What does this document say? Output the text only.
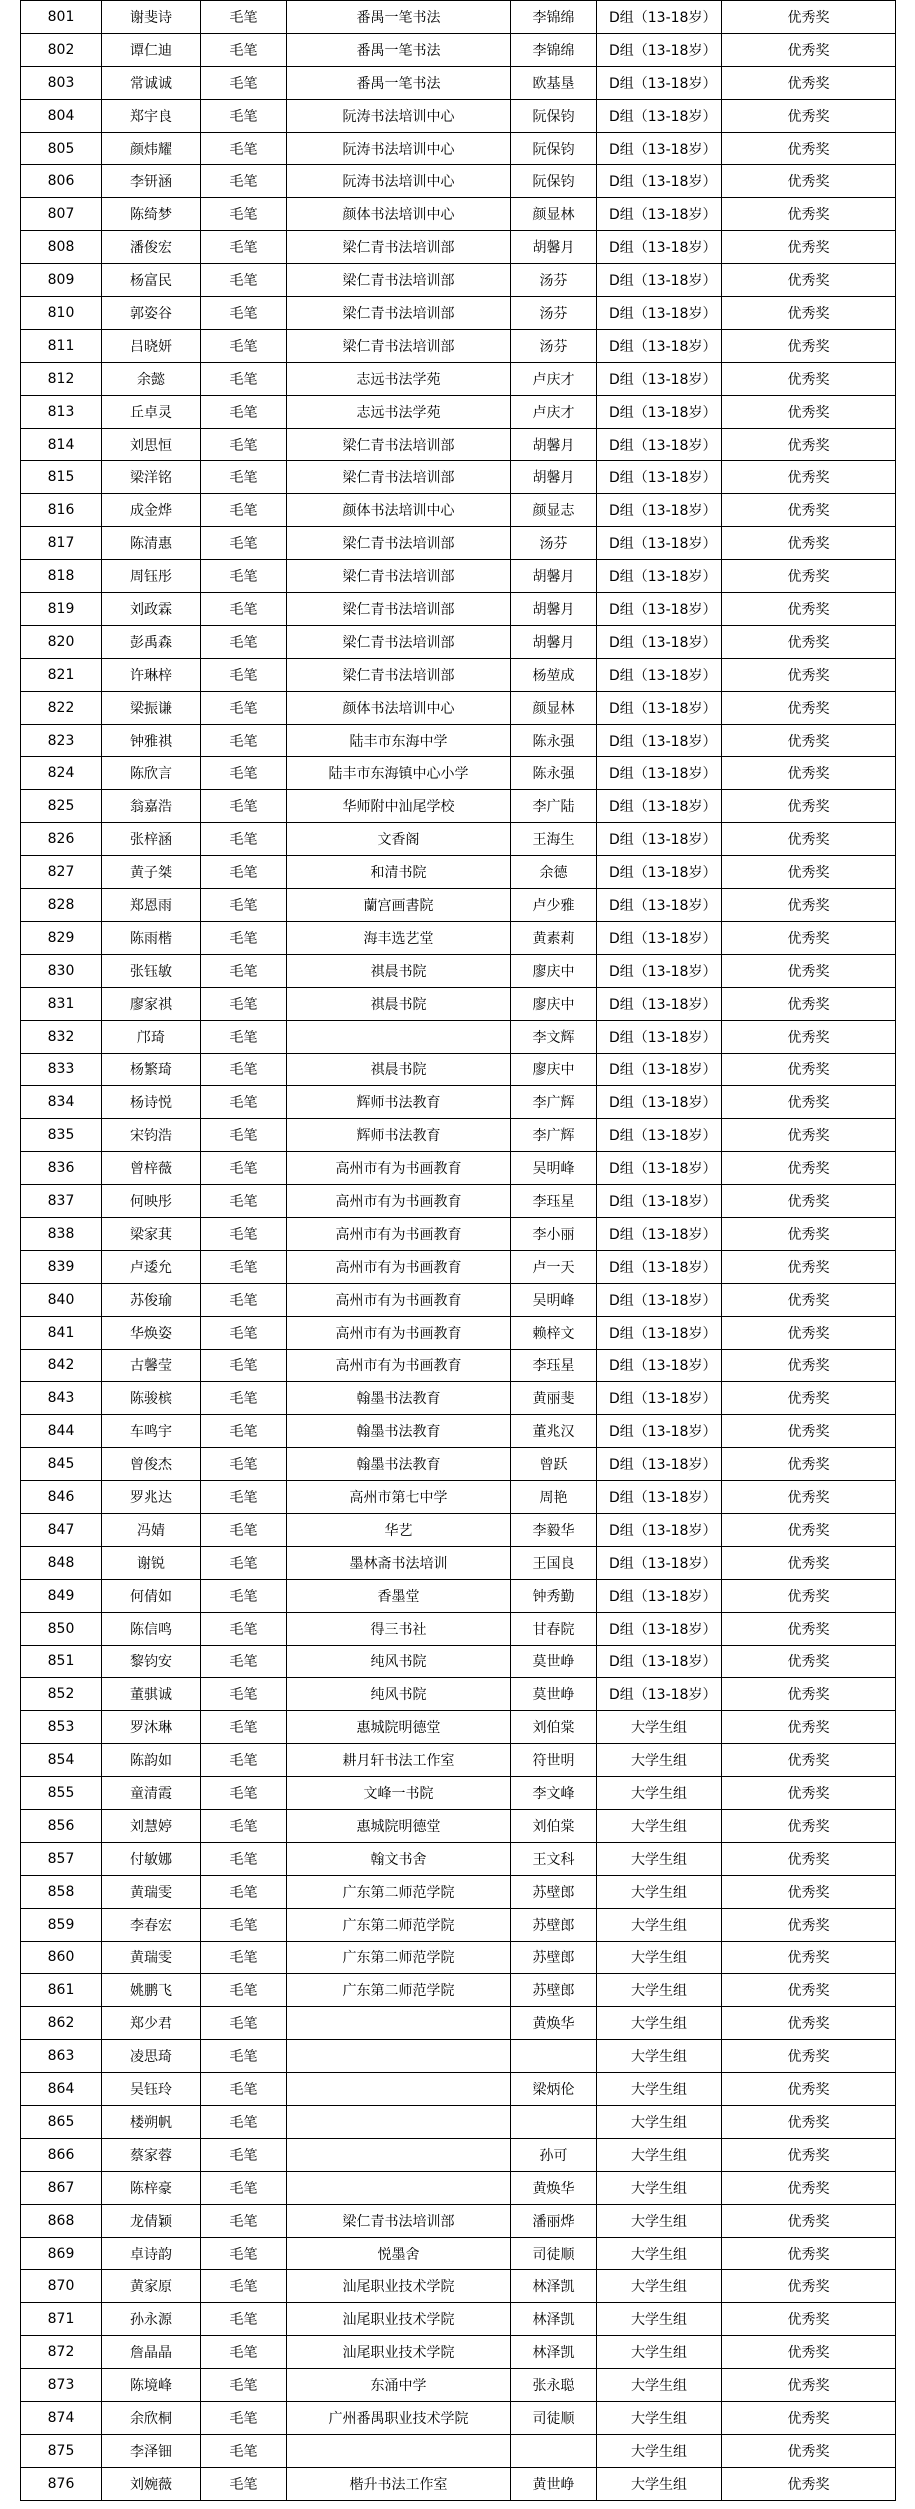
801	谢斐诗	毛笔	番禺一笔书法	李锦绵	D组（13-18岁）	优秀奖
802	谭仁迪	毛笔	番禺一笔书法	李锦绵	D组（13-18岁）	优秀奖
803	常诚诚	毛笔	番禺一笔书法	欧基垦	D组（13-18岁）	优秀奖
804	郑宇良	毛笔	阮涛书法培训中心	阮保钧	D组（13-18岁）	优秀奖
805	颜炜耀	毛笔	阮涛书法培训中心	阮保钧	D组（13-18岁）	优秀奖
806	李钘涵	毛笔	阮涛书法培训中心	阮保钧	D组（13-18岁）	优秀奖
807	陈绮梦	毛笔	颜体书法培训中心	颜显林	D组（13-18岁）	优秀奖
808	潘俊宏	毛笔	梁仁青书法培训部	胡馨月	D组（13-18岁）	优秀奖
809	杨富民	毛笔	梁仁青书法培训部	汤芬	D组（13-18岁）	优秀奖
810	郭姿谷	毛笔	梁仁青书法培训部	汤芬	D组（13-18岁）	优秀奖
811	吕晓妍	毛笔	梁仁青书法培训部	汤芬	D组（13-18岁）	优秀奖
812	余懿	毛笔	志远书法学苑	卢庆才	D组（13-18岁）	优秀奖
813	丘卓灵	毛笔	志远书法学苑	卢庆才	D组（13-18岁）	优秀奖
814	刘思恒	毛笔	梁仁青书法培训部	胡馨月	D组（13-18岁）	优秀奖
815	梁洋铭	毛笔	梁仁青书法培训部	胡馨月	D组（13-18岁）	优秀奖
816	成金烨	毛笔	颜体书法培训中心	颜显志	D组（13-18岁）	优秀奖
817	陈清惠	毛笔	梁仁青书法培训部	汤芬	D组（13-18岁）	优秀奖
818	周钰彤	毛笔	梁仁青书法培训部	胡馨月	D组（13-18岁）	优秀奖
819	刘政霖	毛笔	梁仁青书法培训部	胡馨月	D组（13-18岁）	优秀奖
820	彭禹森	毛笔	梁仁青书法培训部	胡馨月	D组（13-18岁）	优秀奖
821	许琳梓	毛笔	梁仁青书法培训部	杨堃成	D组（13-18岁）	优秀奖
822	梁振谦	毛笔	颜体书法培训中心	颜显林	D组（13-18岁）	优秀奖
823	钟雅祺	毛笔	陆丰市东海中学	陈永强	D组（13-18岁）	优秀奖
824	陈欣言	毛笔	陆丰市东海镇中心小学	陈永强	D组（13-18岁）	优秀奖
825	翁嘉浩	毛笔	华师附中汕尾学校	李广陆	D组（13-18岁）	优秀奖
826	张梓涵	毛笔	文香阁	王海生	D组（13-18岁）	优秀奖
827	黄子桀	毛笔	和清书院	余德	D组（13-18岁）	优秀奖
828	郑恩雨	毛笔	蘭宫画書院	卢少雅	D组（13-18岁）	优秀奖
829	陈雨楷	毛笔	海丰选艺堂	黄素莉	D组（13-18岁）	优秀奖
830	张钰敏	毛笔	祺晨书院	廖庆中	D组（13-18岁）	优秀奖
831	廖家祺	毛笔	祺晨书院	廖庆中	D组（13-18岁）	优秀奖
832	邝琦	毛笔		李文辉	D组（13-18岁）	优秀奖
833	杨繁琦	毛笔	祺晨书院	廖庆中	D组（13-18岁）	优秀奖
834	杨诗悦	毛笔	辉师书法教育	李广辉	D组（13-18岁）	优秀奖
835	宋钧浩	毛笔	辉师书法教育	李广辉	D组（13-18岁）	优秀奖
836	曾梓薇	毛笔	高州市有为书画教育	吴明峰	D组（13-18岁）	优秀奖
837	何映彤	毛笔	高州市有为书画教育	李珏星	D组（13-18岁）	优秀奖
838	梁家萁	毛笔	高州市有为书画教育	李小丽	D组（13-18岁）	优秀奖
839	卢逶允	毛笔	高州市有为书画教育	卢一天	D组（13-18岁）	优秀奖
840	苏俊瑜	毛笔	高州市有为书画教育	吴明峰	D组（13-18岁）	优秀奖
841	华焕姿	毛笔	高州市有为书画教育	赖梓文	D组（13-18岁）	优秀奖
842	古馨莹	毛笔	高州市有为书画教育	李珏星	D组（13-18岁）	优秀奖
843	陈骏槟	毛笔	翰墨书法教育	黄丽斐	D组（13-18岁）	优秀奖
844	车鸣宇	毛笔	翰墨书法教育	董兆汉	D组（13-18岁）	优秀奖
845	曾俊杰	毛笔	翰墨书法教育	曾跃	D组（13-18岁）	优秀奖
846	罗兆达	毛笔	高州市第七中学	周艳	D组（13-18岁）	优秀奖
847	冯婧	毛笔	华艺	李毅华	D组（13-18岁）	优秀奖
848	谢锐	毛笔	墨林斋书法培训	王国良	D组（13-18岁）	优秀奖
849	何倩如	毛笔	香墨堂	钟秀勤	D组（13-18岁）	优秀奖
850	陈信鸣	毛笔	得三书社	甘春院	D组（13-18岁）	优秀奖
851	黎钧安	毛笔	纯风书院	莫世峥	D组（13-18岁）	优秀奖
852	董骐诚	毛笔	纯风书院	莫世峥	D组（13-18岁）	优秀奖
853	罗沐琳	毛笔	惠城院明德堂	刘伯棠	大学生组	优秀奖
854	陈韵如	毛笔	耕月轩书法工作室	符世明	大学生组	优秀奖
855	童清霞	毛笔	文峰一书院	李文峰	大学生组	优秀奖
856	刘慧婷	毛笔	惠城院明德堂	刘伯棠	大学生组	优秀奖
857	付敏娜	毛笔	翰文书舍	王文科	大学生组	优秀奖
858	黄瑞雯	毛笔	广东第二师范学院	苏壁郎	大学生组	优秀奖
859	李春宏	毛笔	广东第二师范学院	苏壁郎	大学生组	优秀奖
860	黄瑞雯	毛笔	广东第二师范学院	苏壁郎	大学生组	优秀奖
861	姚鹏飞	毛笔	广东第二师范学院	苏壁郎	大学生组	优秀奖
862	郑少君	毛笔		黄焕华	大学生组	优秀奖
863	凌思琦	毛笔			大学生组	优秀奖
864	吴钰玲	毛笔		梁炳伦	大学生组	优秀奖
865	楼朔帆	毛笔			大学生组	优秀奖
866	蔡家蓉	毛笔		孙可	大学生组	优秀奖
867	陈梓豪	毛笔		黄焕华	大学生组	优秀奖
868	龙倩颖	毛笔	梁仁青书法培训部	潘丽烨	大学生组	优秀奖
869	卓诗韵	毛笔	悦墨舍	司徒顺	大学生组	优秀奖
870	黄家原	毛笔	汕尾职业技术学院	林泽凯	大学生组	优秀奖
871	孙永源	毛笔	汕尾职业技术学院	林泽凯	大学生组	优秀奖
872	詹晶晶	毛笔	汕尾职业技术学院	林泽凯	大学生组	优秀奖
873	陈境峰	毛笔	东涌中学	张永聪	大学生组	优秀奖
874	余欣桐	毛笔	广州番禺职业技术学院	司徒顺	大学生组	优秀奖
875	李泽钿	毛笔			大学生组	优秀奖
876	刘婉薇	毛笔	楷升书法工作室	黄世峥	大学生组	优秀奖
